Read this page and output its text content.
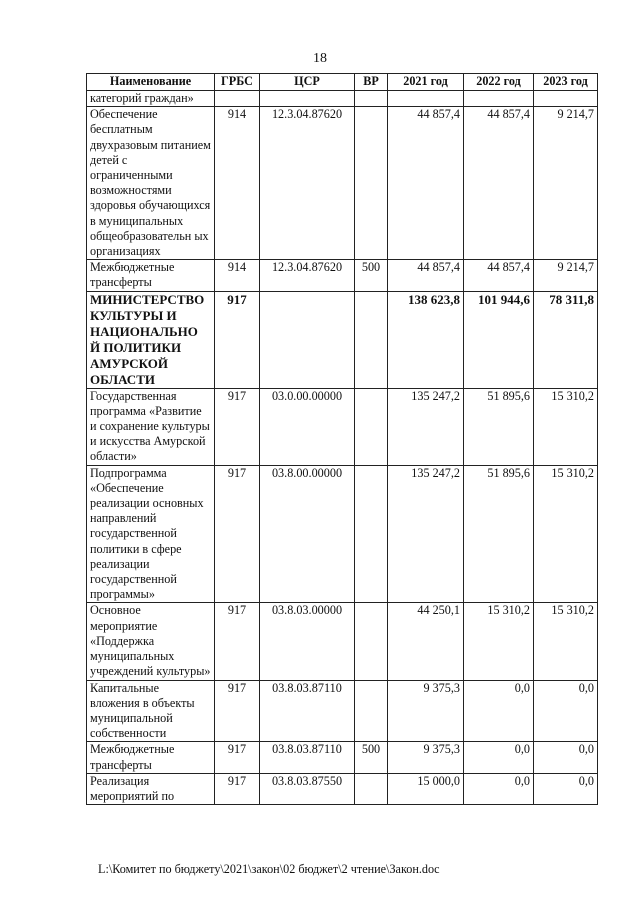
18
Наименование	ГРБС	ЦСР	ВР	2021 год	2022 год	2023 год
категорий граждан»						
Обеспечение бесплатным двухразовым питанием детей с ограниченными возможностями здоровья обучающихся в муниципальных общеобразовательн ых организациях	914	12.3.04.87620		44 857,4	44 857,4	9 214,7
Межбюджетные трансферты	914	12.3.04.87620	500	44 857,4	44 857,4	9 214,7
МИНИСТЕРСТВО КУЛЬТУРЫ И НАЦИОНАЛЬНО Й ПОЛИТИКИ АМУРСКОЙ ОБЛАСТИ	917			138 623,8	101 944,6	78 311,8
Государственная программа «Развитие и сохранение культуры и искусства Амурской области»	917	03.0.00.00000		135 247,2	51 895,6	15 310,2
Подпрограмма «Обеспечение реализации основных направлений государственной политики в сфере реализации государственной программы»	917	03.8.00.00000		135 247,2	51 895,6	15 310,2
Основное мероприятие «Поддержка муниципальных учреждений культуры»	917	03.8.03.00000		44 250,1	15 310,2	15 310,2
Капитальные вложения в объекты муниципальной собственности	917	03.8.03.87110		9 375,3	0,0	0,0
Межбюджетные трансферты	917	03.8.03.87110	500	9 375,3	0,0	0,0
Реализация мероприятий по	917	03.8.03.87550		15 000,0	0,0	0,0
L:\Комитет по бюджету\2021\закон\02 бюджет\2 чтение\Закон.doc
